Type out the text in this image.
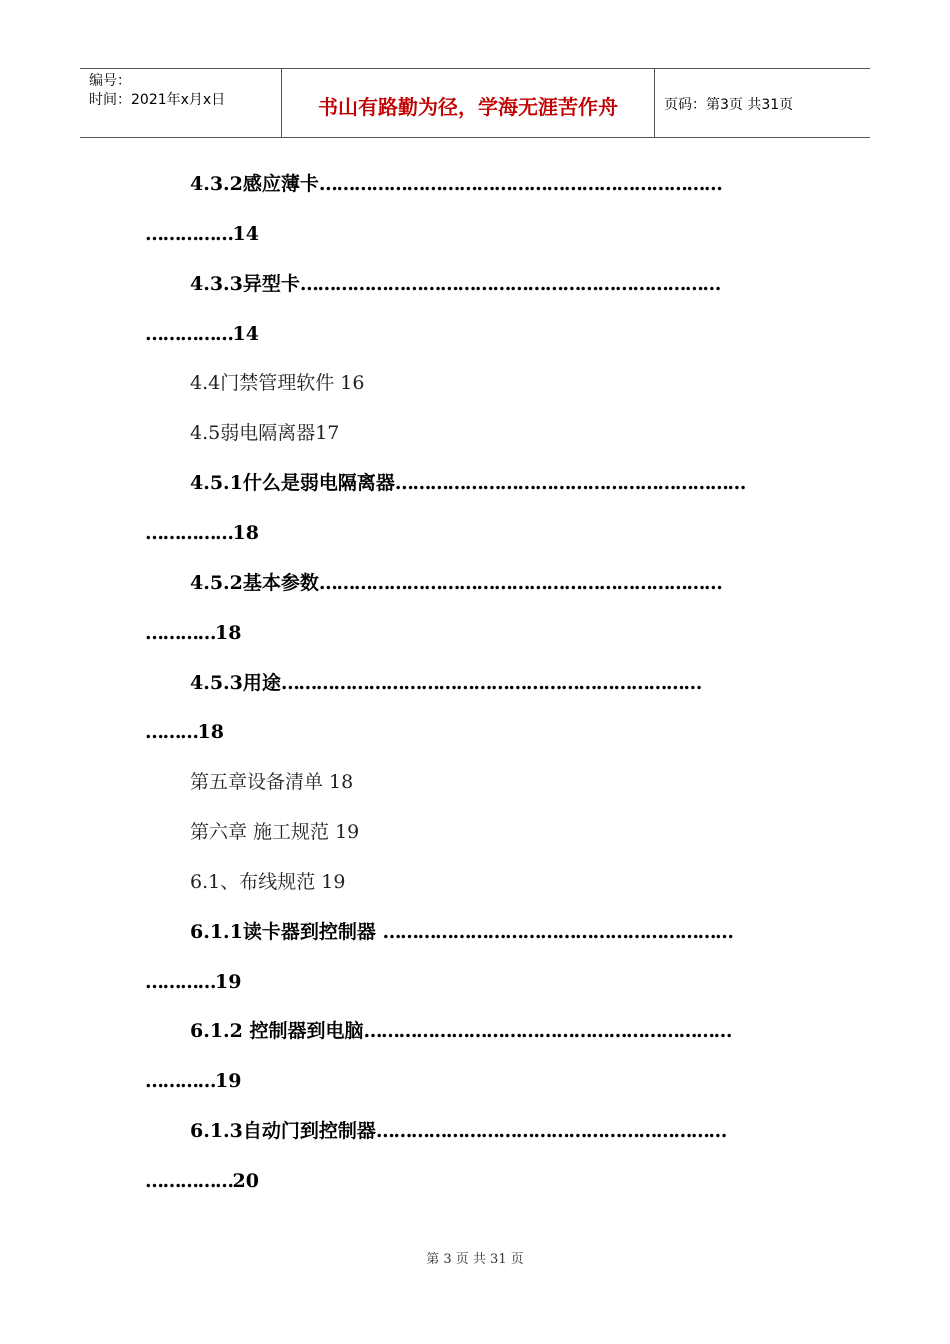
编号：
时间：2021年x月x日	书山有路勤为径，学海无涯苦作舟	页码：第3页 共31页
4.3.2感应薄卡……………………………………………………………
……………14
4.3.3异型卡………………………………………………………………
……………14
4.4门禁管理软件 16
4.5弱电隔离器17
4.5.1什么是弱电隔离器……………………………………………………
……………18
4.5.2基本参数……………………………………………………………
…………18
4.5.3用途………………………………………………………………
………18
第五章设备清单 18
第六章 施工规范 19
6.1、布线规范 19
6.1.1读卡器到控制器 ……………………………………………………
…………19
6.1.2 控制器到电脑………………………………………………………
…………19
6.1.3自动门到控制器……………………………………………………
……………20
第 3 页 共 31 页
